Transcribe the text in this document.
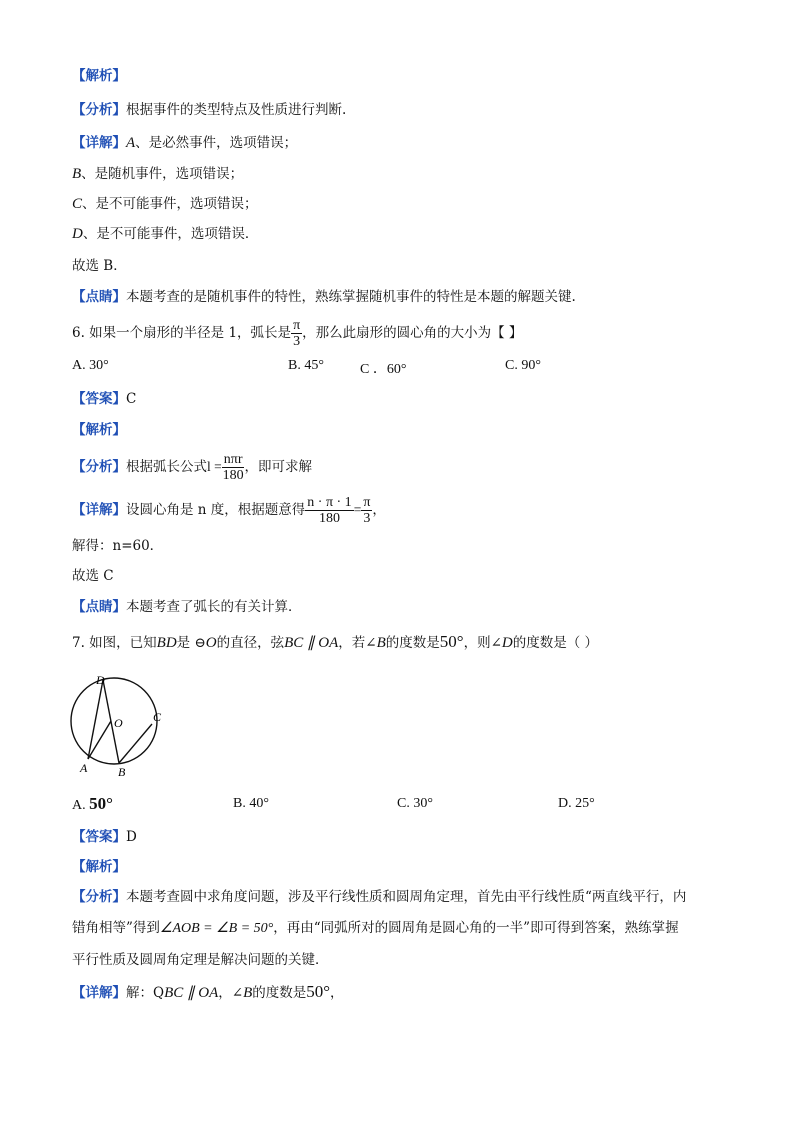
【解析】
【分析】根据事件的类型特点及性质进行判断.
【详解】A、是必然事件，选项错误；
B、是随机事件，选项错误；
C、是不可能事件，选项错误；
D、是不可能事件，选项错误．
故选 B．
【点睛】本题考查的是随机事件的特性，熟练掌握随机事件的特性是本题的解题关键.
6. 如果一个扇形的半径是 1，弧长是 $\frac{\pi}{3}$ ，那么此扇形的圆心角的大小为【 】
A. 30°	B. 45°	C ．60°	C. 90°
【答案】C
【解析】
【分析】根据弧长公式$l = \frac{\text{nπr}}{180}$ ，即可求解
【详解】设圆心角是 n 度，根据题意得 $\frac{n \cdot \pi \cdot 1}{180} = \frac{\pi}{3}$ ，
解得：n=60．
故选 C
【点睛】本题考查了弧长的有关计算．
7. 如图，已知BD是 ⊖O的直径，弦BC ∥ OA，若∠B的度数是50°，则∠D的度数是（ ）
D
O	C
A	B
A. 50°	B. 40°	C. 30°	D. 25°
【答案】D
【解析】
【分析】本题考查圆中求角度问题，涉及平行线性质和圆周角定理，首先由平行线性质“两直线平行，内
错角相等”得到∠AOB = ∠B = 50°，再由“同弧所对的圆周角是圆心角的一半”即可得到答案，熟练掌握
平行性质及圆周角定理是解决问题的关键．
【详解】解：QBC ∥ OA，∠B的度数是50°，
